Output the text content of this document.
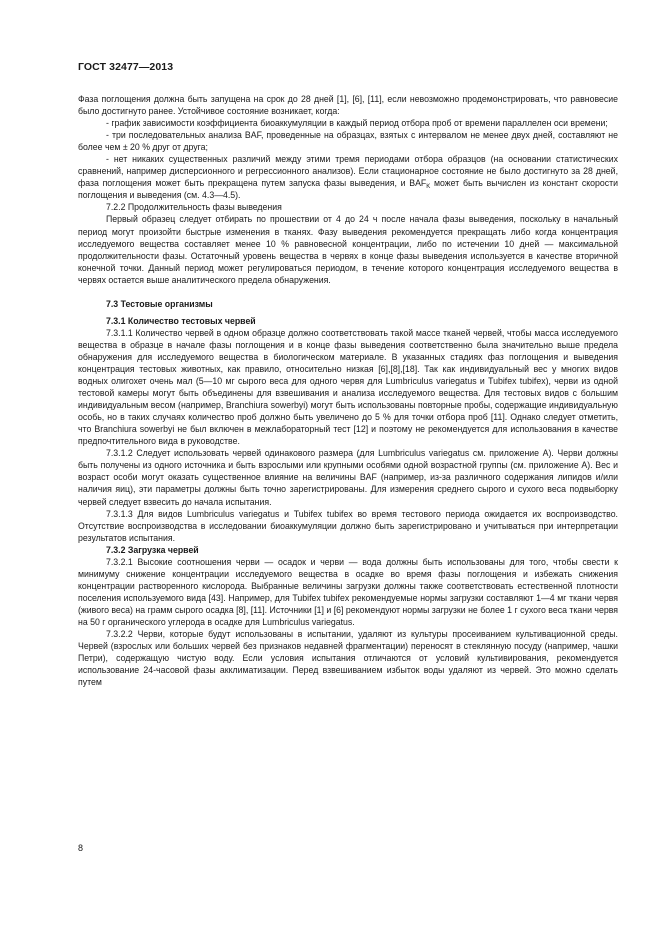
ГОСТ 32477—2013

Фаза поглощения должна быть запущена на срок до 28 дней [1], [6], [11], если невозможно продемонстрировать, что равновесие было достигнуто ранее. Устойчивое состояние возникает, когда:

- график зависимости коэффициента биоаккумуляции в каждый период отбора проб от времени параллелен оси времени;

- три последовательных анализа BAF, проведенные на образцах, взятых с интервалом не менее двух дней, составляют не более чем ± 20 % друг от друга;

- нет никаких существенных различий между этими тремя периодами отбора образцов (на основании статистических сравнений, например дисперсионного и регрессионного анализов). Если стационарное состояние не было достигнуто за 28 дней, фаза поглощения может быть прекращена путем запуска фазы выведения, и $BAF_K$ может быть вычислен из констант скорости поглощения и выведения (см. 4.3—4.5).

7.2.2 Продолжительность фазы выведения

Первый образец следует отбирать по прошествии от 4 до 24 ч после начала фазы выведения, поскольку в начальный период могут произойти быстрые изменения в тканях. Фазу выведения рекомендуется прекращать либо когда концентрация исследуемого вещества составляет менее 10 % равновесной концентрации, либо по истечении 10 дней — максимальной продолжительности фазы. Остаточный уровень вещества в червях в конце фазы выведения используется в качестве вторичной конечной точки. Данный период может регулироваться периодом, в течение которого концентрация исследуемого вещества в червях остается выше аналитического предела обнаружения.

7.3 Тестовые организмы

7.3.1 Количество тестовых червей

7.3.1.1 Количество червей в одном образце должно соответствовать такой массе тканей червей, чтобы масса исследуемого вещества в образце в начале фазы поглощения и в конце фазы выведения соответственно была значительно выше предела обнаружения для исследуемого вещества в биологическом материале. В указанных стадиях фаз поглощения и выведения концентрация тестовых животных, как правило, относительно низкая [6],[8],[18]. Так как индивидуальный вес у многих видов водных олигохет очень мал (5—10 мг сырого веса для одного червя для Lumbriculus variegatus и Tubifex tubifex), черви из одной тестовой камеры могут быть объединены для взвешивания и анализа исследуемого вещества. Для тестовых видов с большим индивидуальным весом (например, Branchiura sowerbyi) могут быть использованы повторные пробы, содержащие индивидуальную особь, но в таких случаях количество проб должно быть увеличено до 5 % для точки отбора проб [11]. Однако следует отметить, что Branchiura sowerbyi не был включен в межлабораторный тест [12] и поэтому не рекомендуется для использования в качестве предпочтительного вида в руководстве.

7.3.1.2 Следует использовать червей одинакового размера (для Lumbriculus variegatus см. приложение А). Черви должны быть получены из одного источника и быть взрослыми или крупными особями одной возрастной группы (см. приложение А). Вес и возраст особи могут оказать существенное влияние на величины BAF (например, из-за различного содержания липидов и/или наличия яиц), эти параметры должны быть точно зарегистрированы. Для измерения среднего сырого и сухого веса подвыборку червей следует взвесить до начала испытания.

7.3.1.3 Для видов Lumbriculus variegatus и Tubifex tubifex во время тестового периода ожидается их воспроизводство. Отсутствие воспроизводства в исследовании биоаккумуляции должно быть зарегистрировано и учитываться при интерпретации результатов испытания.

7.3.2 Загрузка червей

7.3.2.1 Высокие соотношения черви — осадок и черви — вода должны быть использованы для того, чтобы свести к минимуму снижение концентрации исследуемого вещества в осадке во время фазы поглощения и избежать снижения концентрации растворенного кислорода. Выбранные величины загрузки должны также соответствовать естественной плотности поселения используемого вида [43]. Например, для Tubifex tubifex рекомендуемые нормы загрузки составляют 1—4 мг ткани червя (живого веса) на грамм сырого осадка [8], [11]. Источники [1] и [6] рекомендуют нормы загрузки не более 1 г сухого веса ткани червя на 50 г органического углерода в осадке для Lumbriculus variegatus.

7.3.2.2 Черви, которые будут использованы в испытании, удаляют из культуры просеиванием культивационной среды. Червей (взрослых или больших червей без признаков недавней фрагментации) переносят в стеклянную посуду (например, чашки Петри), содержащую чистую воду. Если условия испытания отличаются от условий культивирования, рекомендуется использование 24-часовой фазы акклиматизации. Перед взвешиванием избыток воды удаляют из червей. Это можно сделать путем

8
